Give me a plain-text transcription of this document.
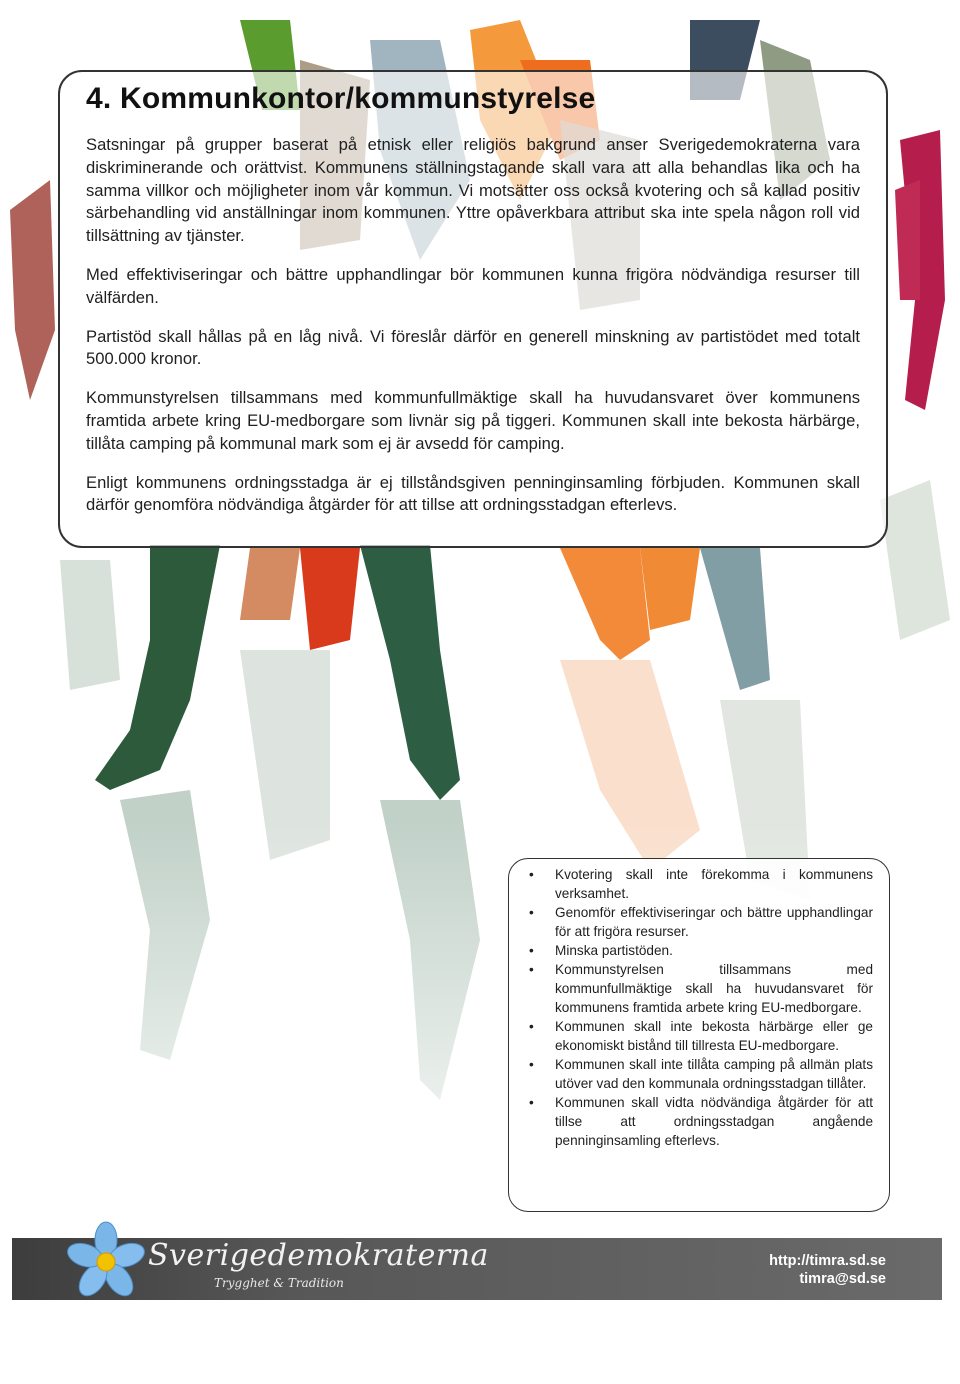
4. Kommunkontor/kommunstyrelse

Satsningar på grupper baserat på etnisk eller religiös bakgrund anser Sverigedemokraterna vara diskriminerande och orättvist. Kommunens ställningstagande skall vara att alla behandlas lika och ha samma villkor och möjligheter inom vår kommun. Vi motsätter oss också kvotering och så kallad positiv särbehandling vid anställningar inom kommunen. Yttre opåverkbara attribut ska inte spela någon roll vid tillsättning av tjänster.

Med effektiviseringar och bättre upphandlingar bör kommunen kunna frigöra nödvändiga resurser till välfärden.

Partistöd skall hållas på en låg nivå. Vi föreslår därför en generell minskning av partistödet med totalt 500.000 kronor.

Kommunstyrelsen tillsammans med kommunfullmäktige skall ha huvudansvaret över kommunens framtida arbete kring EU-medborgare som livnär sig på tiggeri. Kommunen skall inte bekosta härbärge, tillåta camping på kommunal mark som ej är avsedd för camping.

Enligt kommunens ordningsstadga är ej tillståndsgiven penninginsamling förbjuden. Kommunen skall därför genomföra nödvändiga åtgärder för att tillse att ordningsstadgan efterlevs.

• Kvotering skall inte förekomma i kommunens verksamhet.
• Genomför effektiviseringar och bättre upphandlingar för att frigöra resurser.
• Minska partistöden.
• Kommunstyrelsen tillsammans med kommunfullmäktige skall ha huvudansvaret för kommunens framtida arbete kring EU-medborgare.
• Kommunen skall inte bekosta härbärge eller ge ekonomiskt bistånd till tillresta EU-medborgare.
• Kommunen skall inte tillåta camping på allmän plats utöver vad den kommunala ordningsstadgan tillåter.
• Kommunen skall vidta nödvändiga åtgärder för att tillse att ordningsstadgan angående penninginsamling efterlevs.
Sverigedemokraterna
Trygghet & Tradition
http://timra.sd.se
timra@sd.se
